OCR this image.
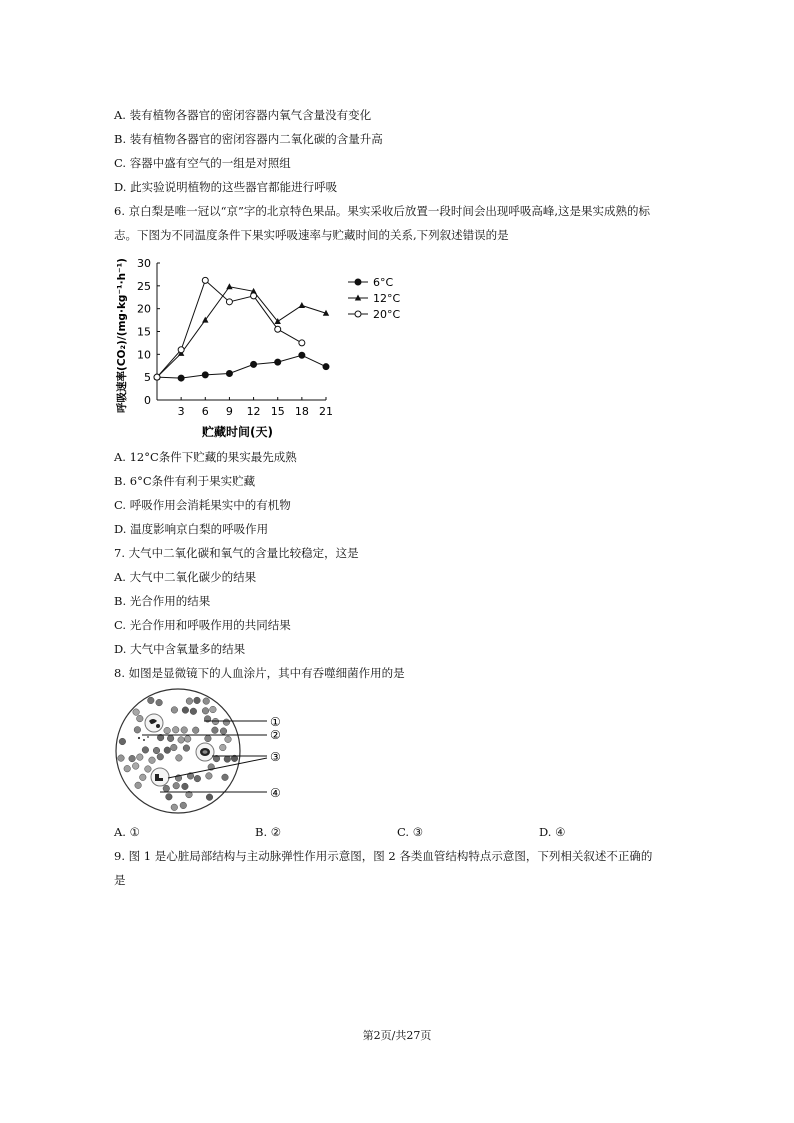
A. 装有植物各器官的密闭容器内氧气含量没有变化
B. 装有植物各器官的密闭容器内二氧化碳的含量升高
C. 容器中盛有空气的一组是对照组
D. 此实验说明植物的这些器官都能进行呼吸
6. 京白梨是唯一冠以“京”字的北京特色果品。果实采收后放置一段时间会出现呼吸高峰,这是果实成熟的标
志。下图为不同温度条件下果实呼吸速率与贮藏时间的关系,下列叙述错误的是
0
5
10
15
20
25
30
3 6 9 12 15 18 21
贮藏时间(天)
呼吸速率(CO₂)/(mg·kg⁻¹·h⁻¹)	6°C
12°C
20°C
A. 12°C条件下贮藏的果实最先成熟
B. 6°C条件有利于果实贮藏
C. 呼吸作用会消耗果实中的有机物
D. 温度影响京白梨的呼吸作用
7. 大气中二氧化碳和氧气的含量比较稳定，这是
A. 大气中二氧化碳少的结果
B. 光合作用的结果
C. 光合作用和呼吸作用的共同结果
D. 大气中含氧量多的结果
8. 如图是显微镜下的人血涂片，其中有吞噬细菌作用的是
①
②
③
④
A. ①	B. ②	C. ③	D. ④
9. 图 1 是心脏局部结构与主动脉弹性作用示意图，图 2 各类血管结构特点示意图，下列相关叙述不正确的
是
第2页/共27页
